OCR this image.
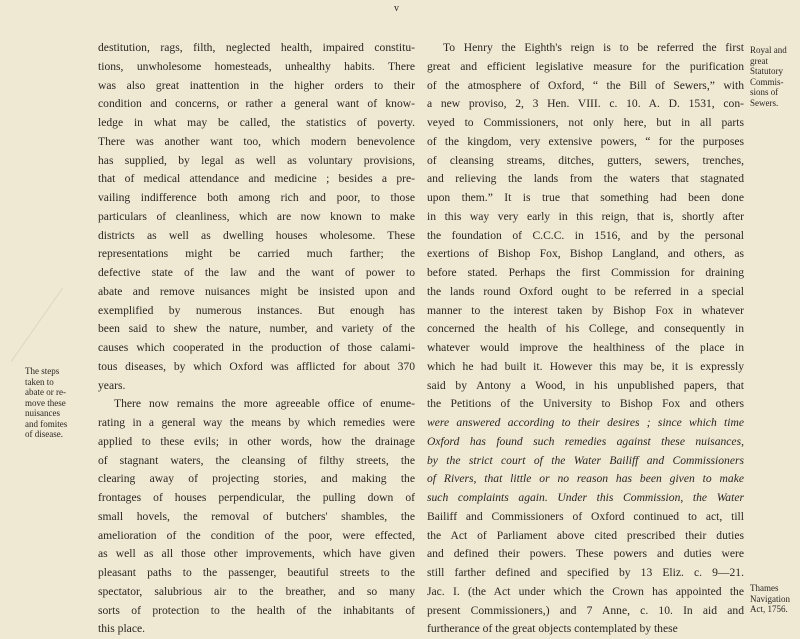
v
destitution, rags, filth, neglected health, impaired constitu-
tions, unwholesome homesteads, unhealthy habits. There
was also great inattention in the higher orders to their
condition and concerns, or rather a general want of know-
ledge in what may be called, the statistics of poverty.
There was another want too, which modern benevolence
has supplied, by legal as well as voluntary provisions,
that of medical attendance and medicine ; besides a pre-
vailing indifference both among rich and poor, to those
particulars of cleanliness, which are now known to make
districts as well as dwelling houses wholesome. These
representations might be carried much farther; the
defective state of the law and the want of power to
abate and remove nuisances might be insisted upon and
exemplified by numerous instances. But enough has
been said to shew the nature, number, and variety of the
causes which cooperated in the production of those calami-
tous diseases, by which Oxford was afflicted for about 370
years.
There now remains the more agreeable office of enume-
rating in a general way the means by which remedies were
applied to these evils; in other words, how the drainage
of stagnant waters, the cleansing of filthy streets, the
clearing away of projecting stories, and making the
frontages of houses perpendicular, the pulling down of
small hovels, the removal of butchers' shambles, the
amelioration of the condition of the poor, were effected,
as well as all those other improvements, which have given
pleasant paths to the passenger, beautiful streets to the
spectator, salubrious air to the breather, and so many
sorts of protection to the health of the inhabitants of
this place.
To Henry the Eighth's reign is to be referred the first
great and efficient legislative measure for the purification
of the atmosphere of Oxford, “ the Bill of Sewers,” with
a new proviso, 2, 3 Hen. VIII. c. 10. A. D. 1531, con-
veyed to Commissioners, not only here, but in all parts
of the kingdom, very extensive powers, “ for the purposes
of cleansing streams, ditches, gutters, sewers, trenches,
and relieving the lands from the waters that stagnated
upon them.” It is true that something had been done
in this way very early in this reign, that is, shortly after
the foundation of C.C.C. in 1516, and by the personal
exertions of Bishop Fox, Bishop Langland, and others, as
before stated. Perhaps the first Commission for draining
the lands round Oxford ought to be referred in a special
manner to the interest taken by Bishop Fox in whatever
concerned the health of his College, and consequently in
whatever would improve the healthiness of the place in
which he had built it. However this may be, it is expressly
said by Antony a Wood, in his unpublished papers, that
the Petitions of the University to Bishop Fox and others
were answered according to their desires ; since which time
Oxford has found such remedies against these nuisances,
by the strict court of the Water Bailiff and Commissioners
of Rivers, that little or no reason has been given to make
such complaints again. Under this Commission, the Water
Bailiff and Commissioners of Oxford continued to act, till
the Act of Parliament above cited prescribed their duties
and defined their powers. These powers and duties were
still farther defined and specified by 13 Eliz. c. 9—21.
Jac. I. (the Act under which the Crown has appointed the
present Commissioners,) and 7 Anne, c. 10. In aid and
furtherance of the great objects contemplated by these
The steps
taken to
abate or re-
move these
nuisances
and fomites
of disease.
Royal and
great
Statutory
Commis-
sions of
Sewers.
Thames
Navigation
Act, 1756.
